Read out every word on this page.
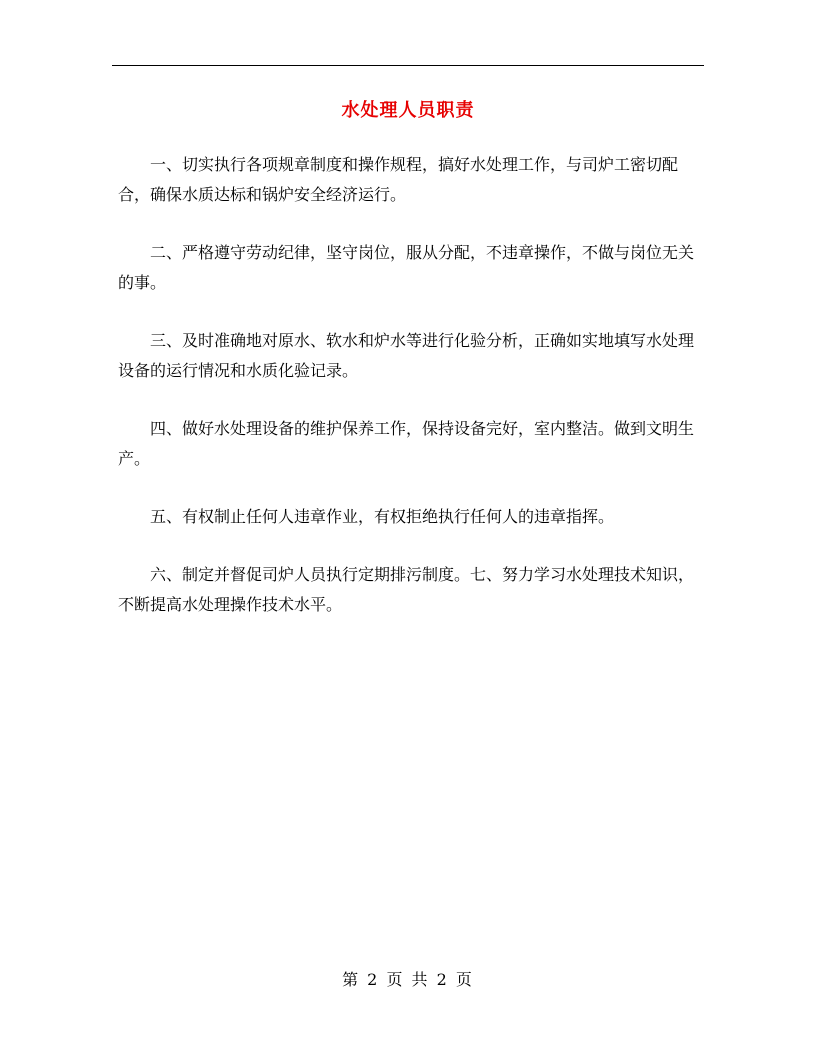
水处理人员职责

一、切实执行各项规章制度和操作规程，搞好水处理工作，与司炉工密切配合，确保水质达标和锅炉安全经济运行。

二、严格遵守劳动纪律，坚守岗位，服从分配，不违章操作，不做与岗位无关的事。

三、及时准确地对原水、软水和炉水等进行化验分析，正确如实地填写水处理设备的运行情况和水质化验记录。

四、做好水处理设备的维护保养工作，保持设备完好，室内整洁。做到文明生产。

五、有权制止任何人违章作业，有权拒绝执行任何人的违章指挥。

六、制定并督促司炉人员执行定期排污制度。七、努力学习水处理技术知识，不断提高水处理操作技术水平。

第 2 页 共 2 页
